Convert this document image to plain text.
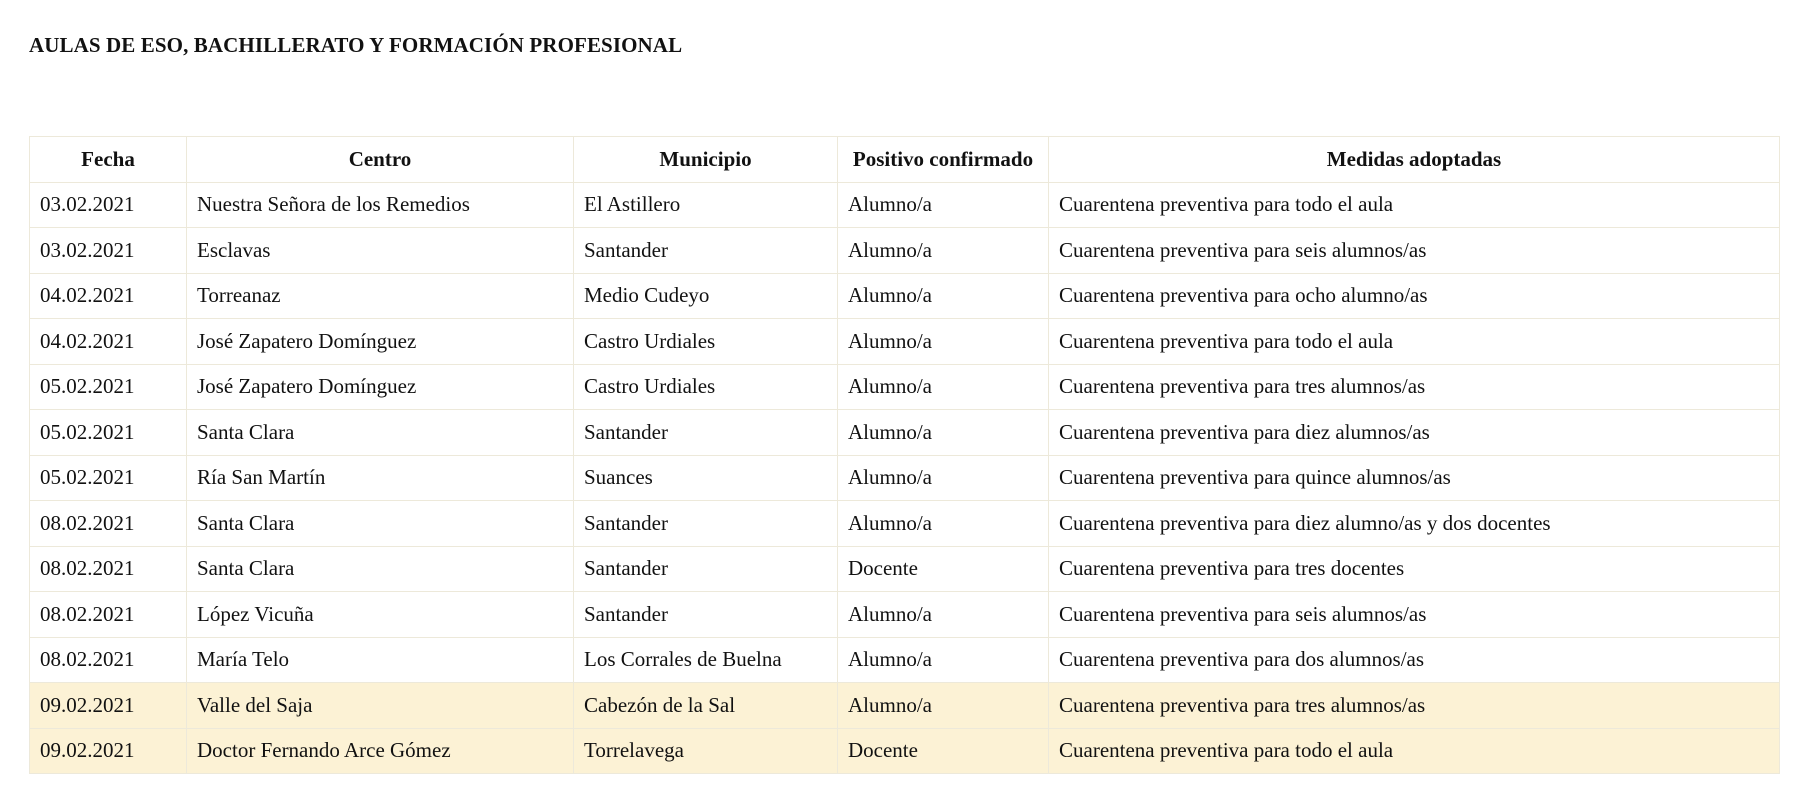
AULAS DE ESO, BACHILLERATO Y FORMACIÓN PROFESIONAL
Fecha	Centro	Municipio	Positivo confirmado	Medidas adoptadas
03.02.2021	Nuestra Señora de los Remedios	El Astillero	Alumno/a	Cuarentena preventiva para todo el aula
03.02.2021	Esclavas	Santander	Alumno/a	Cuarentena preventiva para seis alumnos/as
04.02.2021	Torreanaz	Medio Cudeyo	Alumno/a	Cuarentena preventiva para ocho alumno/as
04.02.2021	José Zapatero Domínguez	Castro Urdiales	Alumno/a	Cuarentena preventiva para todo el aula
05.02.2021	José Zapatero Domínguez	Castro Urdiales	Alumno/a	Cuarentena preventiva para tres alumnos/as
05.02.2021	Santa Clara	Santander	Alumno/a	Cuarentena preventiva para diez alumnos/as
05.02.2021	Ría San Martín	Suances	Alumno/a	Cuarentena preventiva para quince alumnos/as
08.02.2021	Santa Clara	Santander	Alumno/a	Cuarentena preventiva para diez alumno/as y dos docentes
08.02.2021	Santa Clara	Santander	Docente	Cuarentena preventiva para tres docentes
08.02.2021	López Vicuña	Santander	Alumno/a	Cuarentena preventiva para seis alumnos/as
08.02.2021	María Telo	Los Corrales de Buelna	Alumno/a	Cuarentena preventiva para dos alumnos/as
09.02.2021	Valle del Saja	Cabezón de la Sal	Alumno/a	Cuarentena preventiva para tres alumnos/as
09.02.2021	Doctor Fernando Arce Gómez	Torrelavega	Docente	Cuarentena preventiva para todo el aula
